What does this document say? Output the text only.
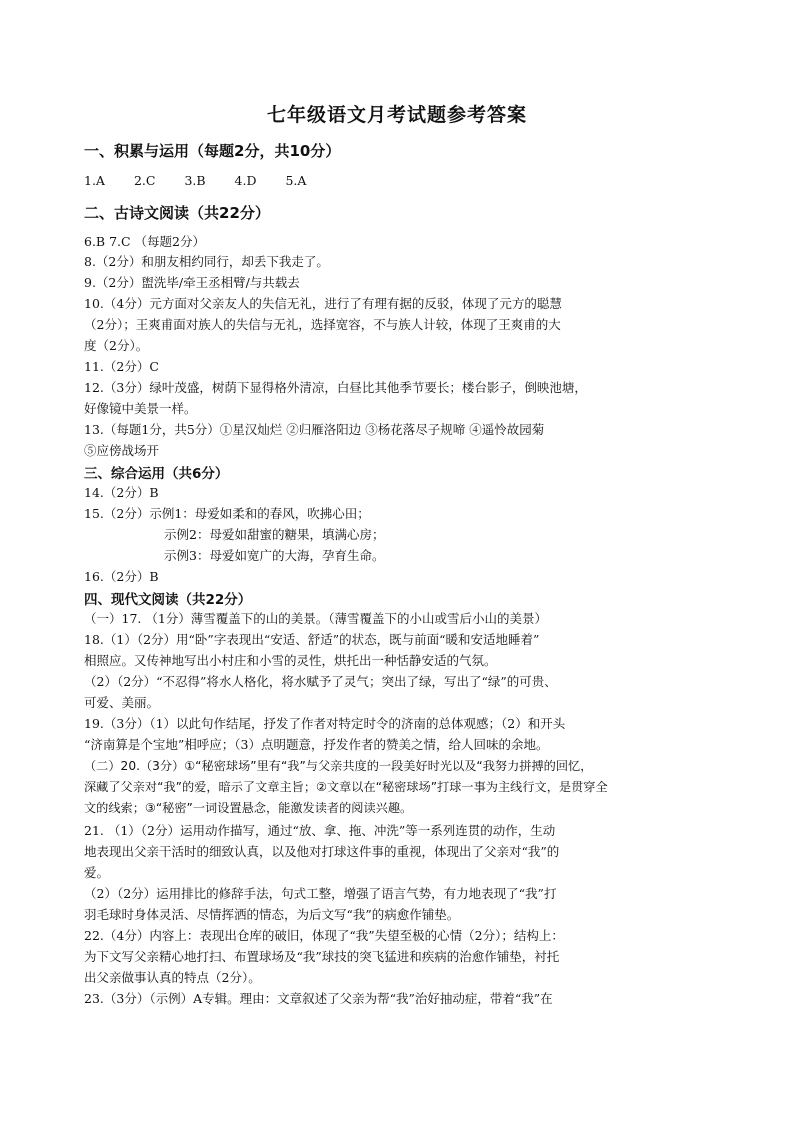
七年级语文月考试题参考答案
一、积累与运用（每题2分，共10分）
1.A 2.C 3.B 4.D 5.A
二、古诗文阅读（共22分）
6.B 7.C （每题2分）
8.（2分）和朋友相约同行，却丢下我走了。
9.（2分）盥洗毕/牵王丞相臂/与共载去
10.（4分）元方面对父亲友人的失信无礼，进行了有理有据的反驳，体现了元方的聪慧
（2分）；王爽甫面对族人的失信与无礼，选择宽容，不与族人计较，体现了王爽甫的大
度（2分）。
11.（2分）C
12.（3分）绿叶茂盛，树荫下显得格外清凉，白昼比其他季节要长；楼台影子，倒映池塘，
好像镜中美景一样。
13.（每题1分，共5分）①星汉灿烂 ②归雁洛阳边 ③杨花落尽子规啼 ④遥怜故园菊
⑤应傍战场开
三、综合运用（共6分）
14.（2分）B
15.（2分）示例1：母爱如柔和的春风，吹拂心田；
示例2：母爱如甜蜜的糖果，填满心房；
示例3：母爱如宽广的大海，孕育生命。
16.（2分）B
四、现代文阅读（共22分）
（一）17. （1分）薄雪覆盖下的山的美景。（薄雪覆盖下的小山或雪后小山的美景）
18.（1）（2分）用“卧”字表现出“安适、舒适”的状态，既与前面“暖和安适地睡着”
相照应。又传神地写出小村庄和小雪的灵性，烘托出一种恬静安适的气氛。
（2）（2分）“不忍得”将水人格化，将水赋予了灵气；突出了绿，写出了“绿”的可贵、
可爱、美丽。
19.（3分）（1）以此句作结尾，抒发了作者对特定时令的济南的总体观感；（2）和开头
“济南算是个宝地”相呼应；（3）点明题意，抒发作者的赞美之情，给人回味的余地。
（二）20.（3分）①“秘密球场”里有“我”与父亲共度的一段美好时光以及“我努力拼搏的回忆，
深藏了父亲对“我”的爱，暗示了文章主旨；②文章以在“秘密球场”打球一事为主线行文，是贯穿全
文的线索；③“秘密”一词设置悬念，能激发读者的阅读兴趣。
21. （1）（2分）运用动作描写，通过“放、拿、拖、冲洗”等一系列连贯的动作，生动
地表现出父亲干活时的细致认真，以及他对打球这件事的重视，体现出了父亲对“我”的
爱。
（2）（2分）运用排比的修辞手法，句式工整，增强了语言气势，有力地表现了“我”打
羽毛球时身体灵活、尽情挥洒的情态，为后文写“我”的病愈作铺垫。
22.（4分）内容上：表现出仓库的破旧，体现了“我”失望至极的心情（2分）；结构上：
为下文写父亲精心地打扫、布置球场及“我”球技的突飞猛进和疾病的治愈作铺垫，衬托
出父亲做事认真的特点（2分）。
23.（3分）（示例）A专辑。理由：文章叙述了父亲为帮“我”治好抽动症，带着“我”在
